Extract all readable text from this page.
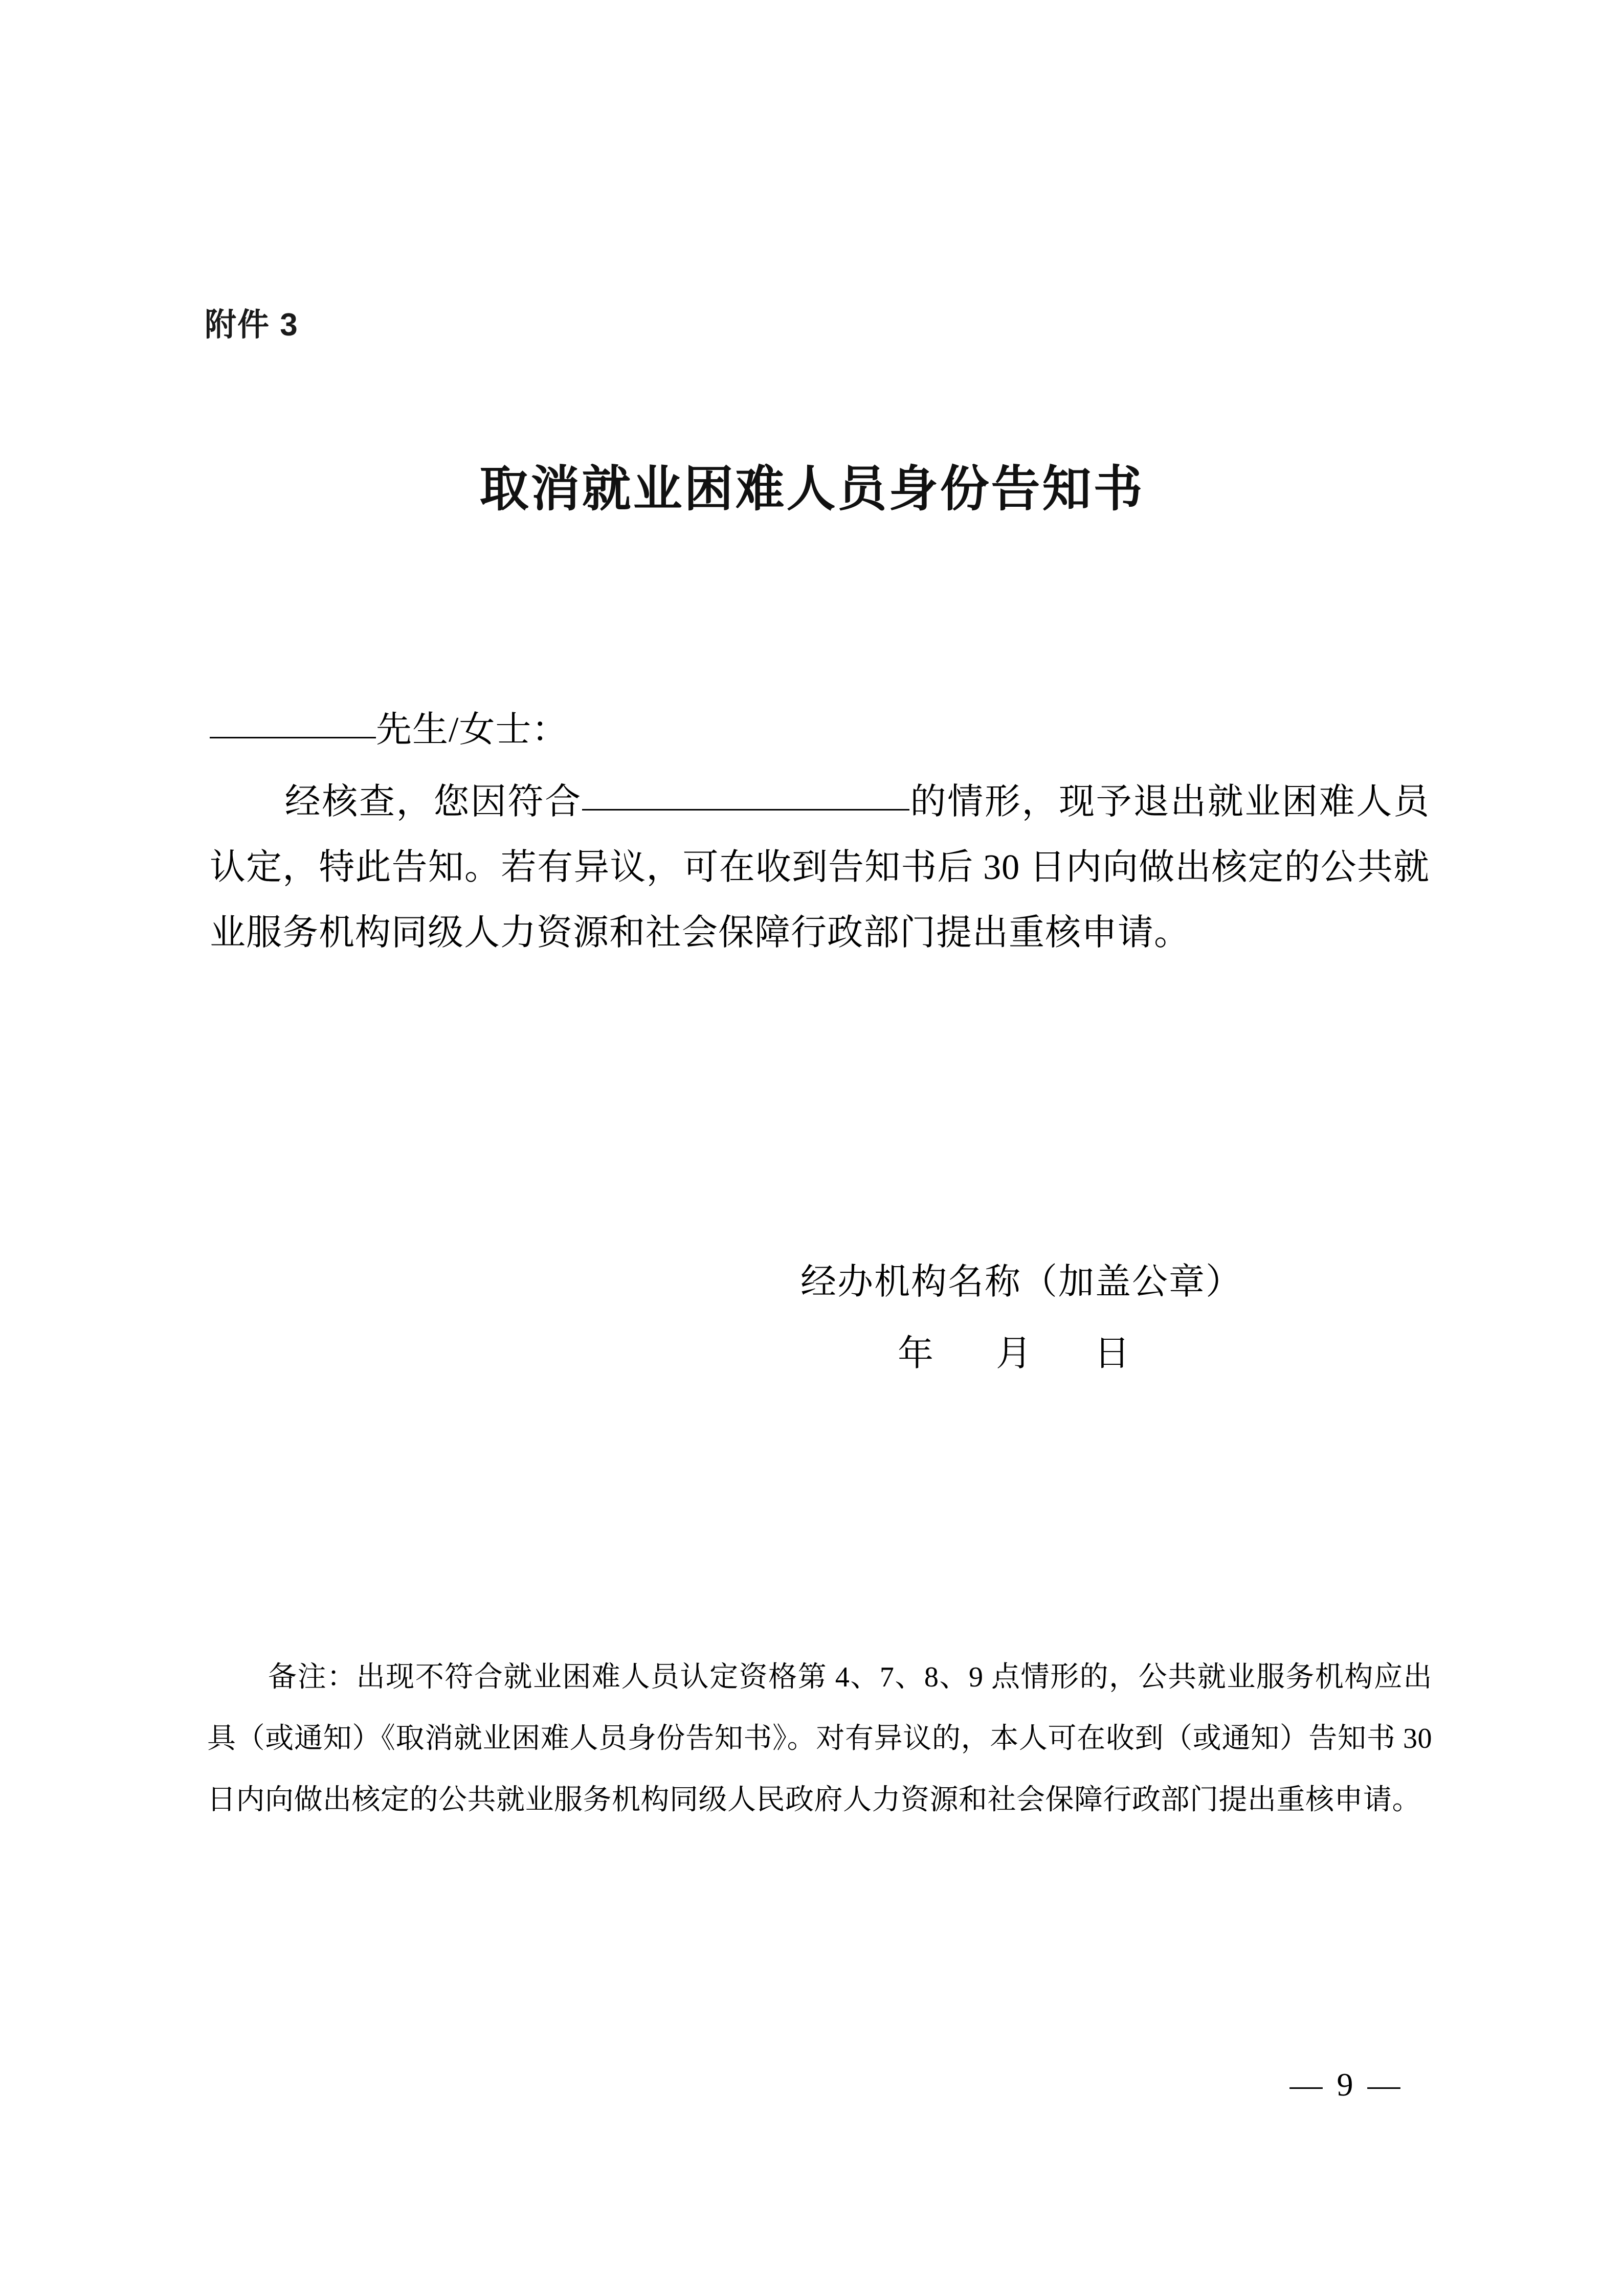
附件 3
取消就业困难人员身份告知书
先生/女士：
经核查，您因符合	的情形，现予退出就业困难人员认定，特此告知。若有异议，可在收到告知书后 30 日内向做出核定的公共就业服务机构同级人力资源和社会保障行政部门提出重核申请。
经办机构名称（加盖公章）
年 月 日
备注：出现不符合就业困难人员认定资格第 4、7、8、9 点情形的，公共就业服务机构应出具（或通知）《取消就业困难人员身份告知书》。对有异议的，本人可在收到（或通知）告知书 30 日内向做出核定的公共就业服务机构同级人民政府人力资源和社会保障行政部门提出重核申请。
— 9 —
